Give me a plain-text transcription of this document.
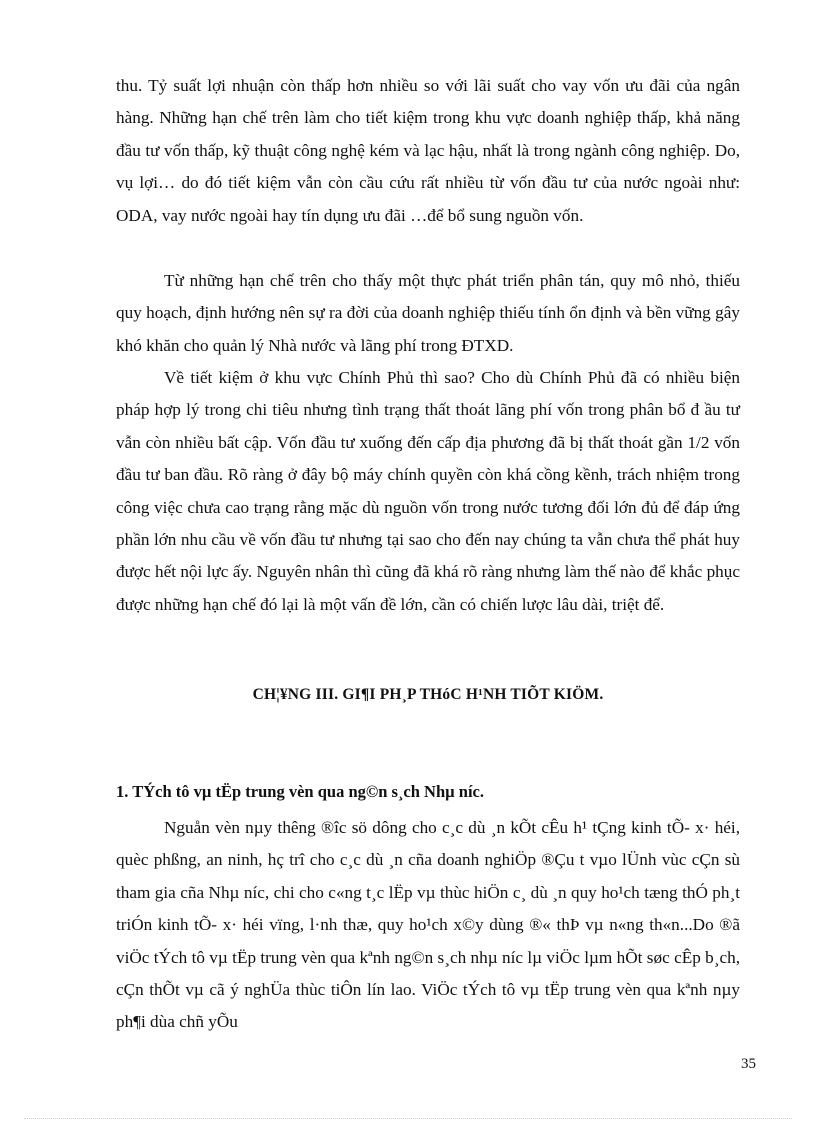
thu. Tỷ suất lợi nhuận còn thấp hơn nhiều so với lãi suất cho vay vốn ưu đãi của ngân hàng. Những hạn chế trên làm cho tiết kiệm trong khu vực doanh nghiệp thấp, khả năng đầu tư vốn thấp, kỹ thuật công nghệ kém và lạc hậu, nhất là trong ngành công nghiệp. Do, vụ lợi… do đó tiết kiệm vẫn còn cầu cứu rất nhiều từ vốn đầu tư của nước ngoài như: ODA, vay nước ngoài hay tín dụng ưu đãi …để bổ sung nguồn vốn.
Từ những hạn chế trên cho thấy một thực phát triển phân tán, quy mô nhỏ, thiếu quy hoạch, định hướng nên sự ra đời của doanh nghiệp thiếu tính ổn định và bền vững gây khó khăn cho quản lý Nhà nước và lãng phí trong ĐTXD.
Về tiết kiệm ở khu vực Chính Phủ thì sao? Cho dù Chính Phủ đã có nhiều biện pháp hợp lý trong chi tiêu nhưng tình trạng thất thoát lãng phí vốn trong phân bổ đ ầu tư vẫn còn nhiều bất cập. Vốn đầu tư xuống đến cấp địa phương đã bị thất thoát gần 1/2 vốn đầu tư ban đầu. Rõ ràng ở đây bộ máy chính quyền còn khá cồng kềnh, trách nhiệm trong công việc chưa cao trạng rằng mặc dù nguồn vốn trong nước tương đối lớn đủ để đáp ứng phần lớn nhu cầu về vốn đầu tư nhưng tại sao cho đến nay chúng ta vẫn chưa thể phát huy được hết nội lực ấy. Nguyên nhân thì cũng đã khá rõ ràng nhưng làm thế nào để khắc phục được những hạn chế đó lại là một vấn đề lớn, cần có chiến lược lâu dài, triệt để.
CH¦¥NG III. GI¶I PH¸P THóC H¹NH TIÕT KIÖM.
1. TÝch tô vµ tËp trung vèn qua ng©n s¸ch Nhµ níc.
Nguån vèn nµy thêng ®îc sö dông cho c¸c dù ¸n kÕt cÊu h¹ tÇng kinh tÕ- x· héi, quèc phßng, an ninh, hç trî cho c¸c dù ¸n cña doanh nghiÖp ®Çu t vµo lÜnh vùc cÇn sù tham gia cña Nhµ níc, chi cho c«ng t¸c lËp vµ thùc hiÖn c¸ dù ¸n quy ho¹ch tæng thÓ ph¸t triÓn kinh tÕ- x· héi vïng, l·nh thæ, quy ho¹ch x©y dùng ®« thÞ vµ n«ng th«n...Do ®ã viÖc tÝch tô vµ tËp trung vèn qua kªnh ng©n s¸ch nhµ níc lµ viÖc lµm hÕt søc cÊp b¸ch, cÇn thÕt vµ cã ý nghÜa thùc tiÔn lín lao. ViÖc tÝch tô vµ tËp trung vèn qua kªnh nµy ph¶i dùa chñ yÕu
35
